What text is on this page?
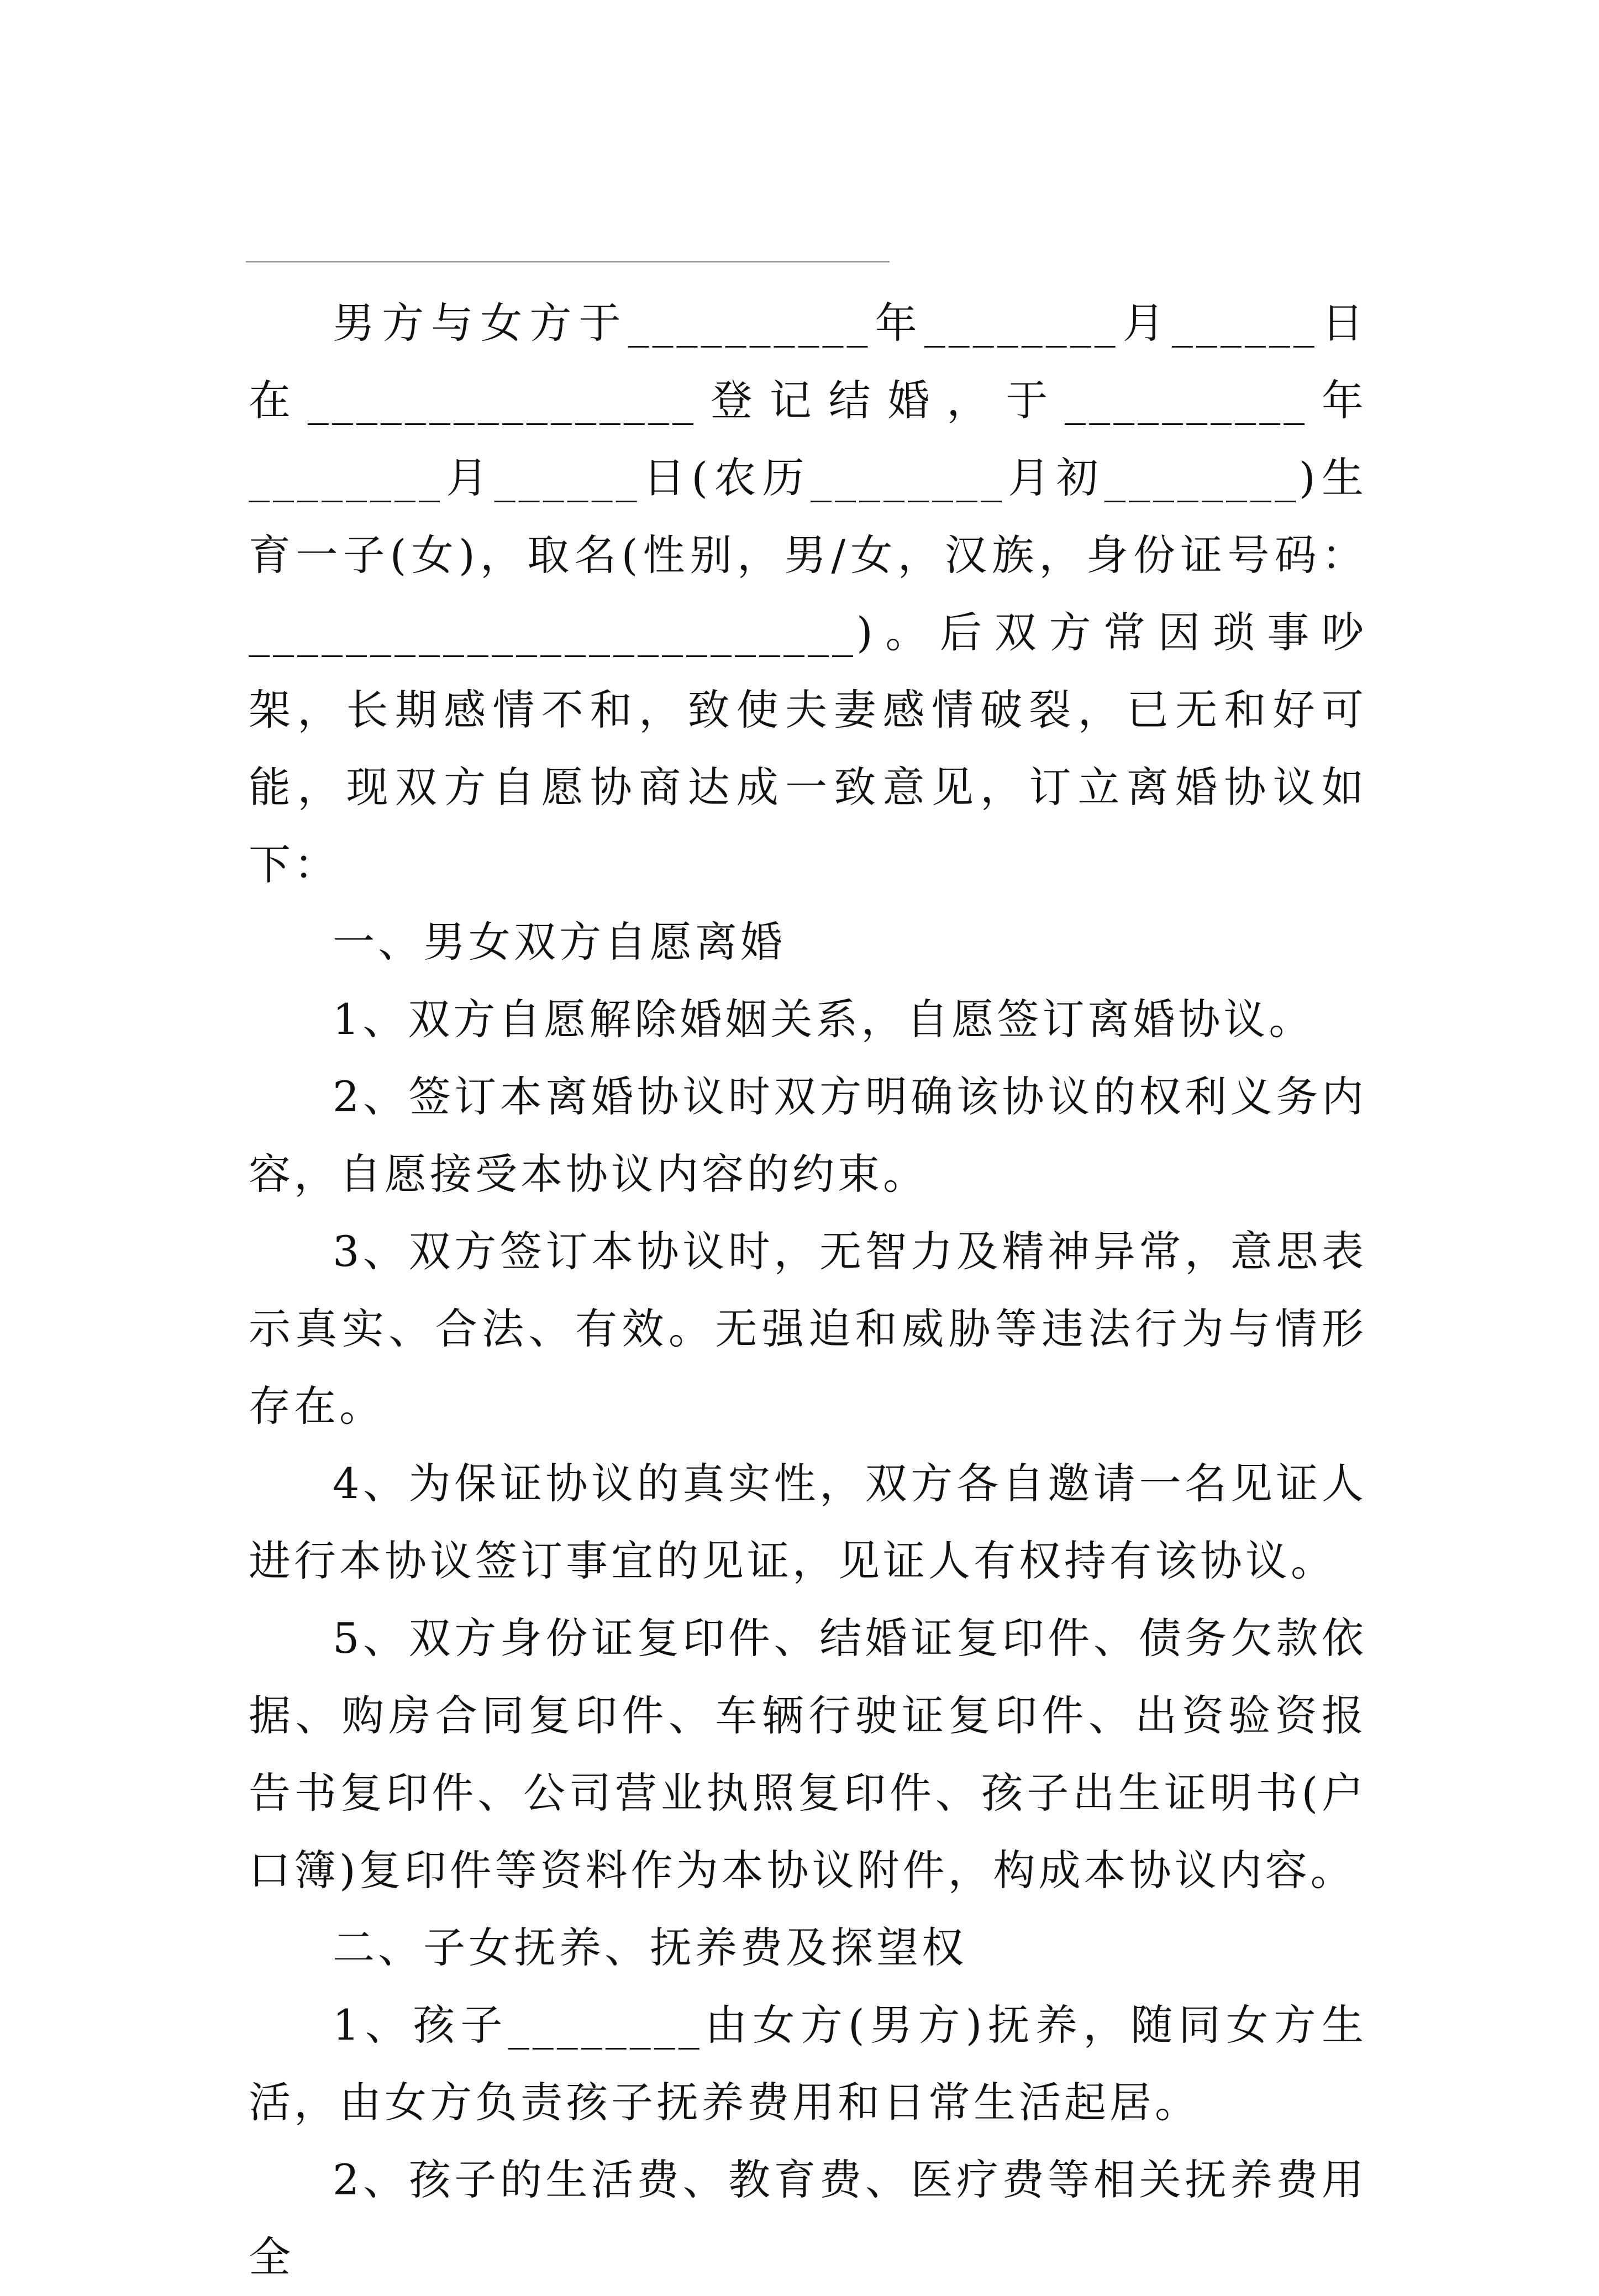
男方与女方于__________年________月______日在________________登记结婚，于__________年________月______日(农历________月初________)生育一子(女)，取名(性别，男/女，汉族，身份证号码：_________________________)。后双方常因琐事吵架，长期感情不和，致使夫妻感情破裂，已无和好可能，现双方自愿协商达成一致意见，订立离婚协议如下：

一、男女双方自愿离婚

1、双方自愿解除婚姻关系，自愿签订离婚协议。

2、签订本离婚协议时双方明确该协议的权利义务内容，自愿接受本协议内容的约束。

3、双方签订本协议时，无智力及精神异常，意思表示真实、合法、有效。无强迫和威胁等违法行为与情形存在。

4、为保证协议的真实性，双方各自邀请一名见证人进行本协议签订事宜的见证，见证人有权持有该协议。

5、双方身份证复印件、结婚证复印件、债务欠款依据、购房合同复印件、车辆行驶证复印件、出资验资报告书复印件、公司营业执照复印件、孩子出生证明书(户口簿)复印件等资料作为本协议附件，构成本协议内容。

二、子女抚养、抚养费及探望权

1、孩子________由女方(男方)抚养，随同女方生活，由女方负责孩子抚养费用和日常生活起居。

2、孩子的生活费、教育费、医疗费等相关抚养费用全
